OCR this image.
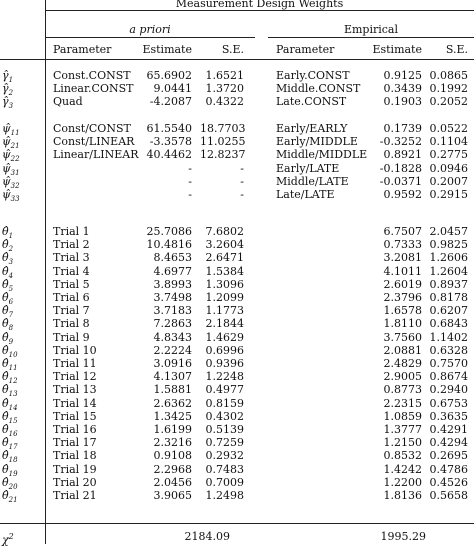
Measurement Design Weights
a priori	Empirical
Parameter	Estimate	S.E.	Parameter	Estimate	S.E.
$\gammâ_1$	Const.CONST	65.6902	1.6521	Early.CONST	0.9125 0.0865
$\gammâ_2$	Linear.CONST	9.0441	1.3720	Middle.CONST	0.3439 0.1992
$\gammâ_3$	Quad	-4.2087	0.4322	Late.CONST	0.1903 0.2052
$\psî_{11}$	Const/CONST	61.5540 18.7703	Early/EARLY	0.1739 0.0522
$\psî_{21}$	Const/LINEAR	-3.3578 11.0255	Early/MIDDLE	-0.3252 0.1104
$\psî_{22}$	Linear/LINEAR 40.4462 12.8237	Middle/MIDDLE	0.8921 0.2775
$\psî_{31}$	-	-	Early/LATE	-0.1828 0.0946
$\psî_{32}$	-	-	Middle/LATE	-0.0371 0.2007
$\psî_{33}$	-	-	Late/LATE	0.9592 0.2915
$\thetâ_1$	Trial 1	25.7086	7.6802	6.7507 2.0457
$\thetâ_2$	Trial 2	10.4816	3.2604	0.7333 0.9825
$\thetâ_3$	Trial 3	8.4653	2.6471	3.2081 1.2606
$\thetâ_4$	Trial 4	4.6977	1.5384	4.1011 1.2604
$\thetâ_5$	Trial 5	3.8993	1.3096	2.6019 0.8937
$\thetâ_6$	Trial 6	3.7498	1.2099	2.3796 0.8178
$\thetâ_7$	Trial 7	3.7183	1.1773	1.6578 0.6207
$\thetâ_8$	Trial 8	7.2863	2.1844	1.8110 0.6843
$\thetâ_9$	Trial 9	4.8343	1.4629	3.7560 1.1402
$\thetâ_{10}$	Trial 10	2.2224	0.6996	2.0881 0.6328
$\thetâ_{11}$	Trial 11	3.0916	0.9396	2.4829 0.7570
$\thetâ_{12}$	Trial 12	4.1307	1.2248	2.9005 0.8674
$\thetâ_{13}$	Trial 13	1.5881	0.4977	0.8773 0.2940
$\thetâ_{14}$	Trial 14	2.6362	0.8159	2.2315 0.6753
$\thetâ_{15}$	Trial 15	1.3425	0.4302	1.0859 0.3635
$\thetâ_{16}$	Trial 16	1.6199	0.5139	1.3777 0.4291
$\thetâ_{17}$	Trial 17	2.3216	0.7259	1.2150 0.4294
$\thetâ_{18}$	Trial 18	0.9108	0.2932	0.8532 0.2695
$\thetâ_{19}$	Trial 19	2.2968	0.7483	1.4242 0.4786
$\thetâ_{20}$	Trial 20	2.0456	0.7009	1.2200 0.4526
$\thetâ_{21}$	Trial 21	3.9065	1.2498	1.8136 0.5658
$\chi^2$	2184.09	1995.29
